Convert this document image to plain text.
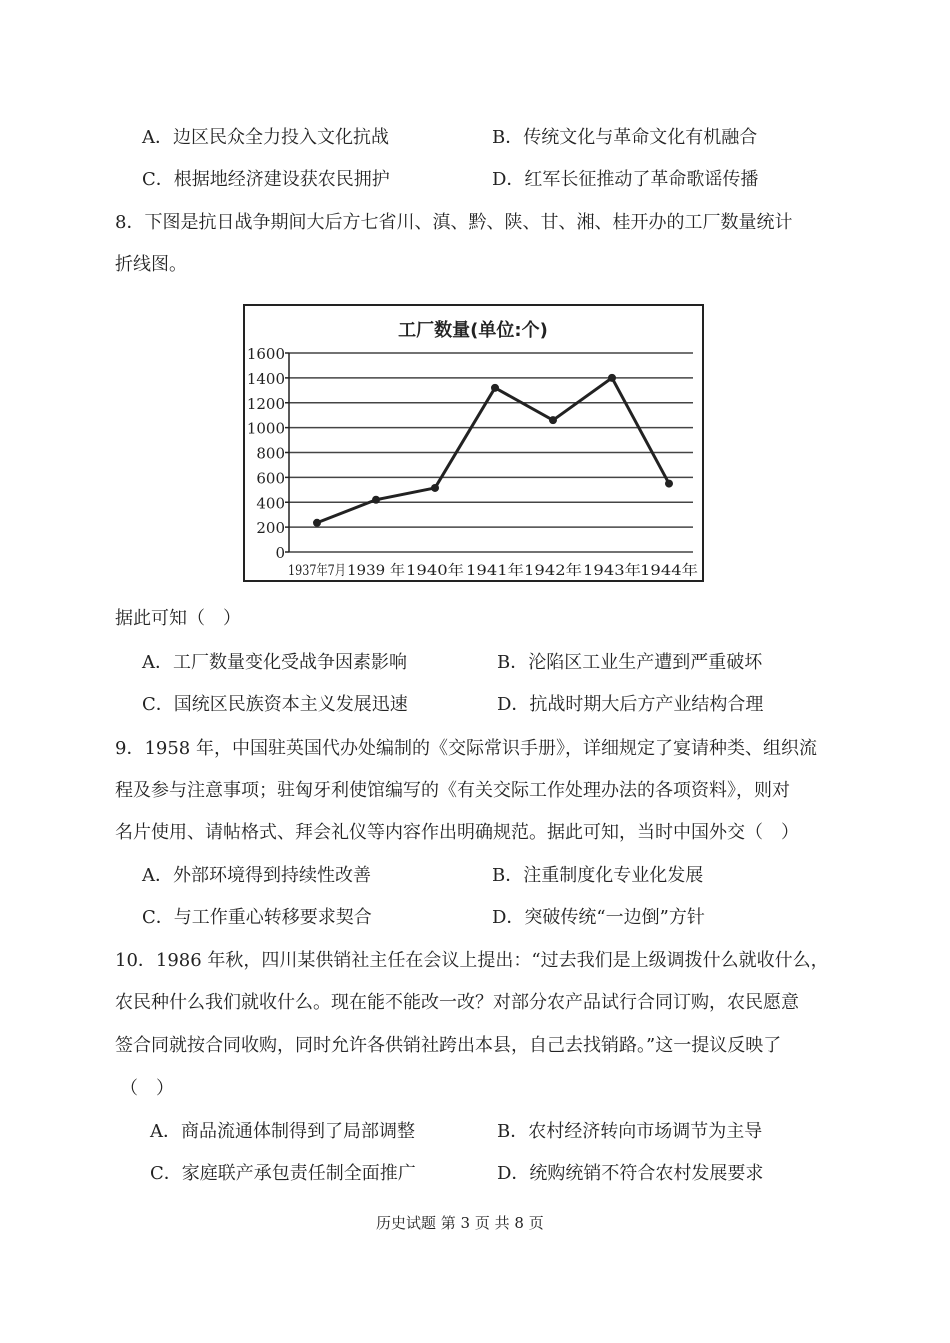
A．边区民众全力投入文化抗战	B．传统文化与革命文化有机融合
C．根据地经济建设获农民拥护	D．红军长征推动了革命歌谣传播
8．下图是抗日战争期间大后方七省川、滇、黔、陕、甘、湘、桂开办的工厂数量统计
折线图。
工厂数量(单位:个)
0
200
400
600
800
1000
1200
1400
1600
1937年7月
1939 年 1940年 1941年 1942年 1943年 1944年
据此可知（　）
A．工厂数量变化受战争因素影响	B．沦陷区工业生产遭到严重破坏
C．国统区民族资本主义发展迅速	D．抗战时期大后方产业结构合理
9．1958 年，中国驻英国代办处编制的《交际常识手册》，详细规定了宴请种类、组织流
程及参与注意事项；驻匈牙利使馆编写的《有关交际工作处理办法的各项资料》，则对
名片使用、请帖格式、拜会礼仪等内容作出明确规范。据此可知，当时中国外交（　）
A．外部环境得到持续性改善	B．注重制度化专业化发展
C．与工作重心转移要求契合	D．突破传统“一边倒”方针
10．1986 年秋，四川某供销社主任在会议上提出：“过去我们是上级调拨什么就收什么，
农民种什么我们就收什么。现在能不能改一改？对部分农产品试行合同订购，农民愿意
签合同就按合同收购，同时允许各供销社跨出本县，自己去找销路。”这一提议反映了
（　）
A．商品流通体制得到了局部调整	B．农村经济转向市场调节为主导
C．家庭联产承包责任制全面推广	D．统购统销不符合农村发展要求
历史试题 第 3 页 共 8 页
